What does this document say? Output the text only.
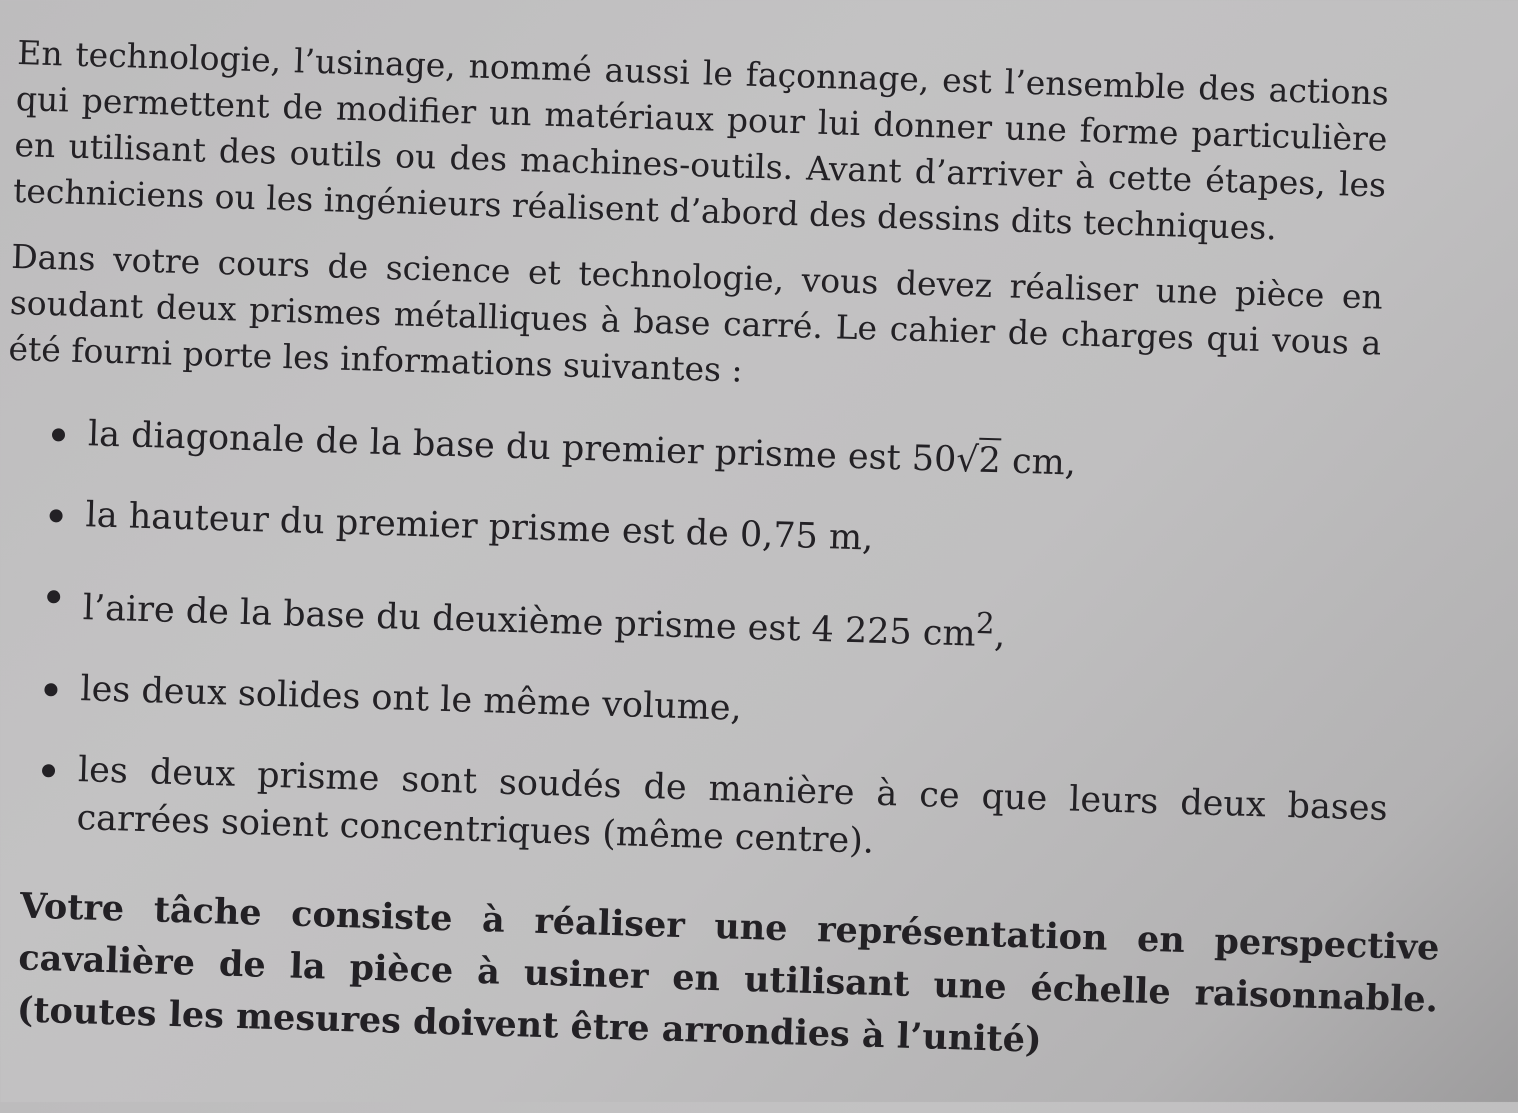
En technologie, l’usinage, nommé aussi le façonnage, est l’ensemble des actions qui permettent de modifier un matériaux pour lui donner une forme particulière en utilisant des outils ou des machines-outils. Avant d’arriver à cette étapes, les techniciens ou les ingénieurs réalisent d’abord des dessins dits techniques.

Dans votre cours de science et technologie, vous devez réaliser une pièce en soudant deux prismes métalliques à base carré. Le cahier de charges qui vous a été fourni porte les informations suivantes :

la diagonale de la base du premier prisme est 50√2 cm,
la hauteur du premier prisme est de 0,75 m,
l’aire de la base du deuxième prisme est 4 225 $cm^2$,
les deux solides ont le même volume,
les deux prisme sont soudés de manière à ce que leurs deux bases carrées soient concentriques (même centre).

Votre tâche consiste à réaliser une représentation en perspective cavalière de la pièce à usiner en utilisant une échelle raisonnable. (toutes les mesures doivent être arrondies à l’unité)
